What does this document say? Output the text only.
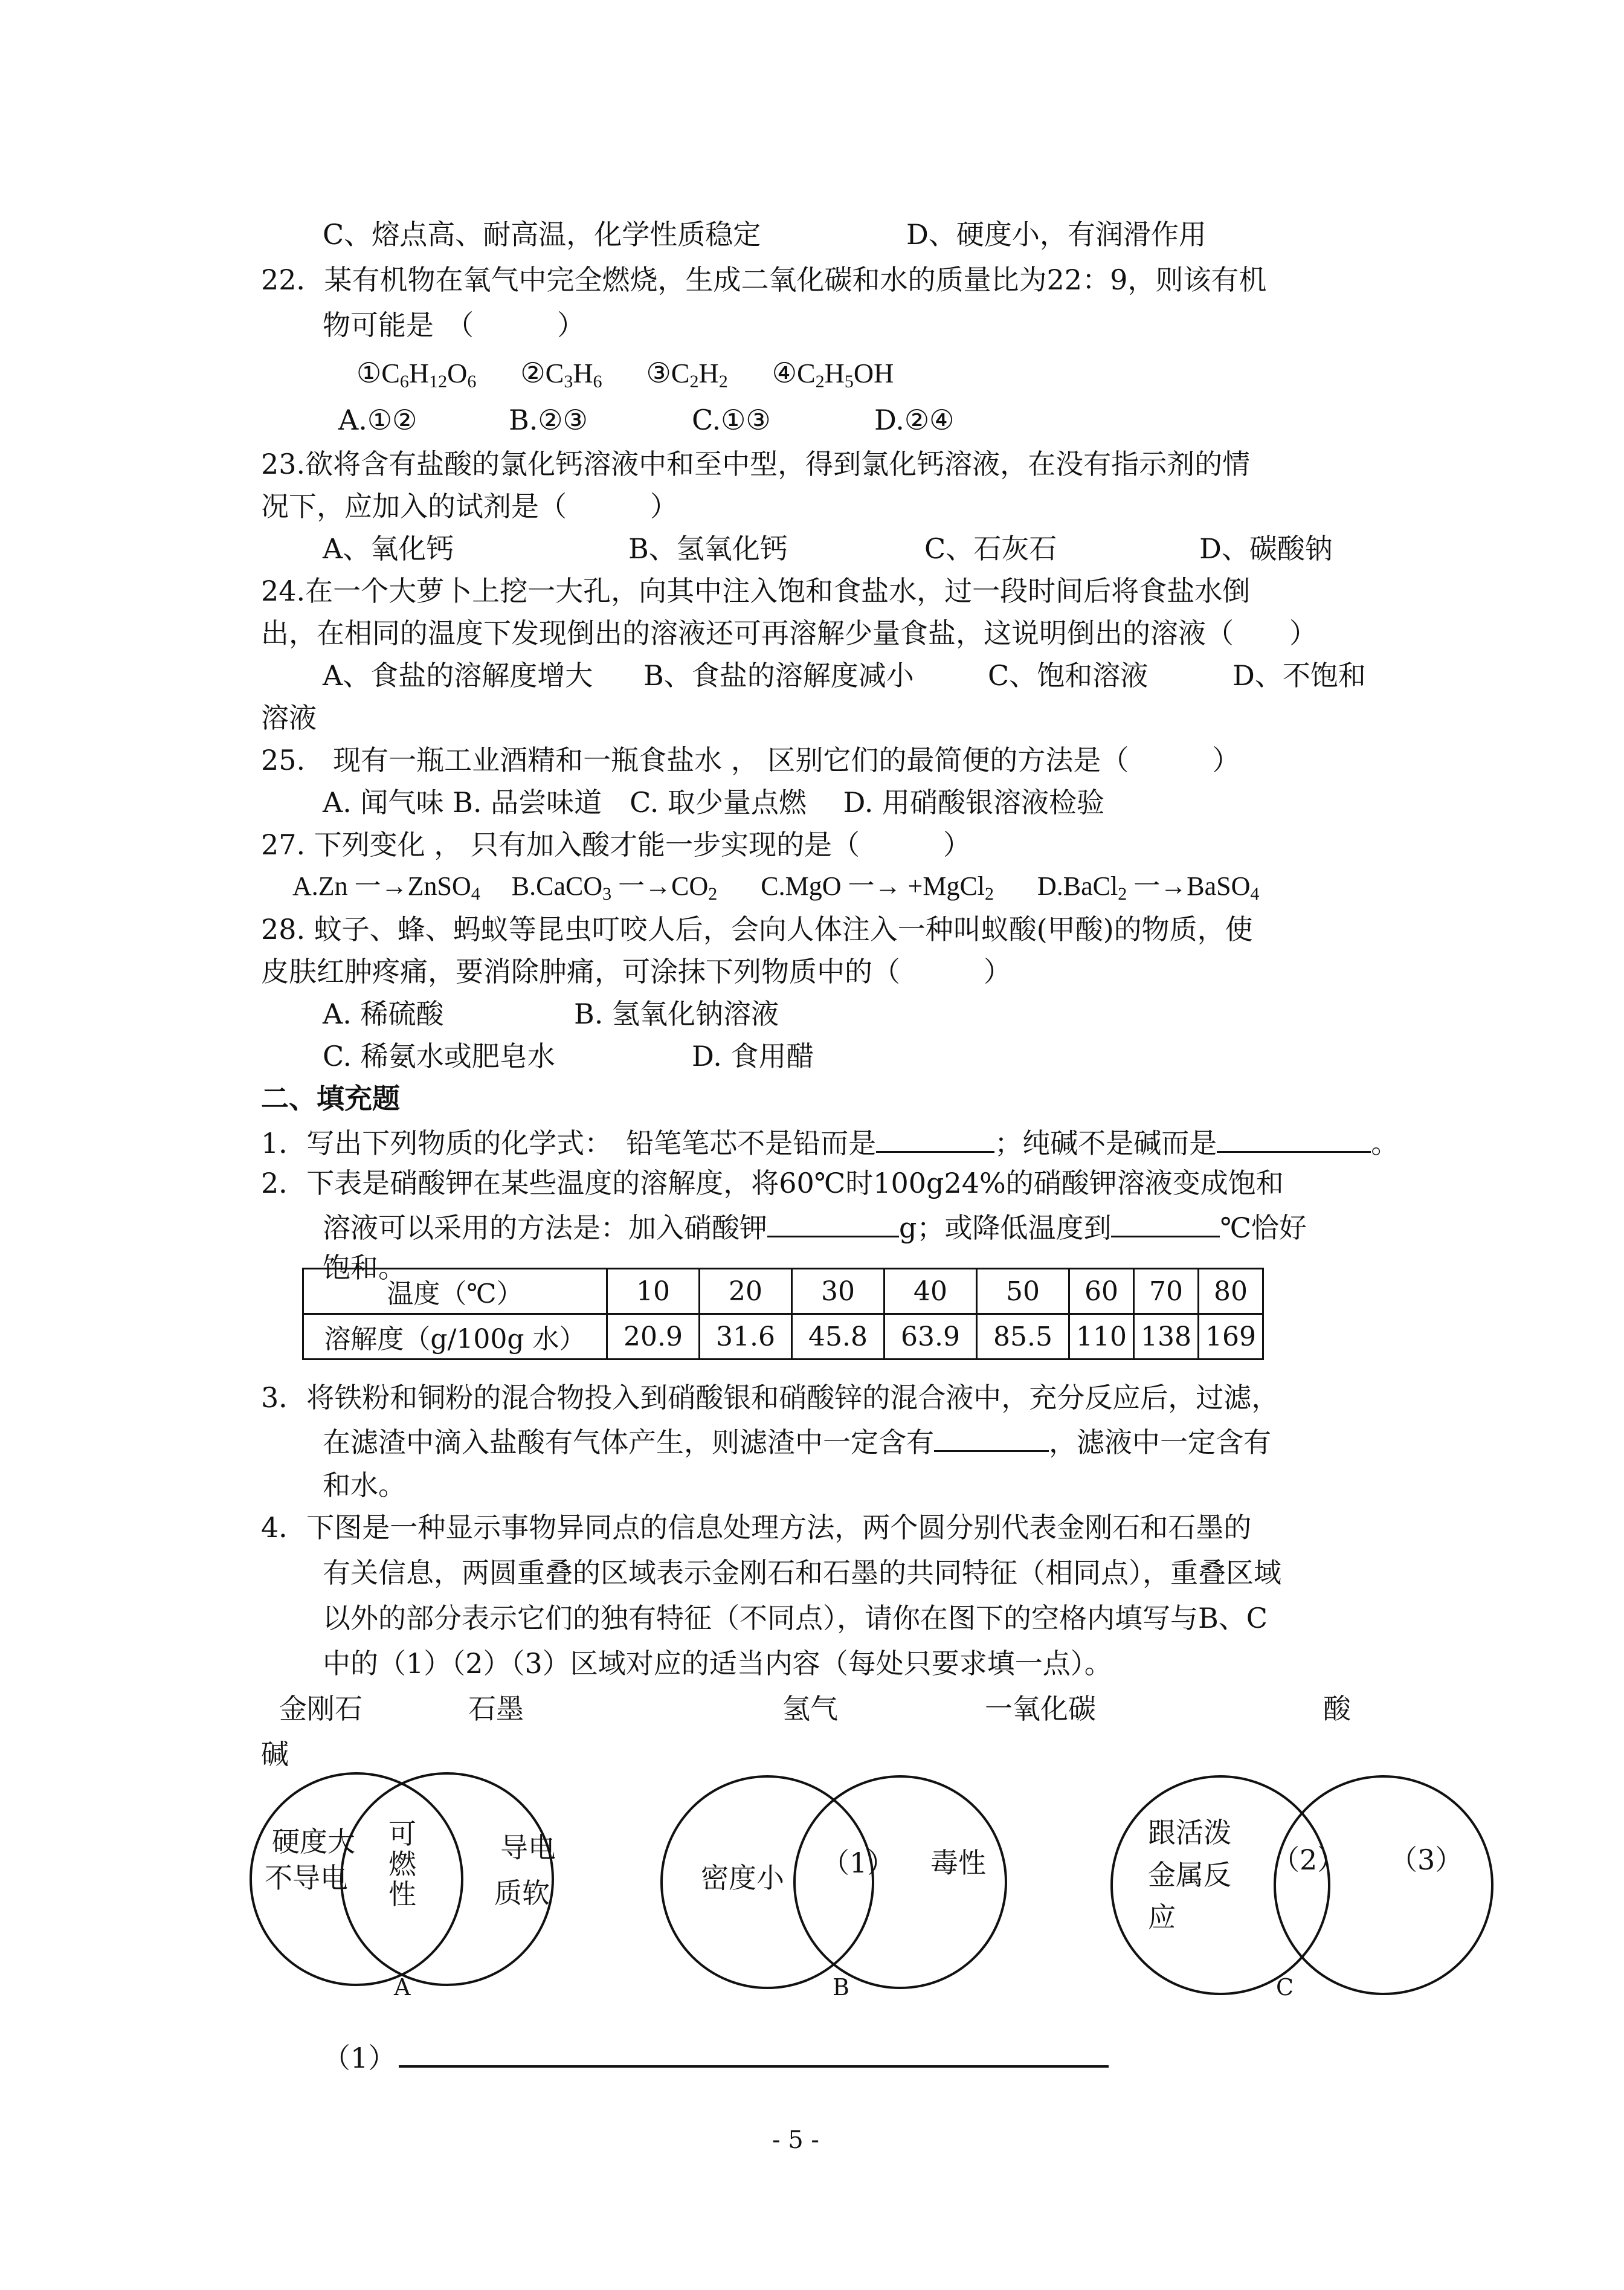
C、熔点高、耐高温，化学性质稳定	D、硬度小，有润滑作用
22．某有机物在氧气中完全燃烧，生成二氧化碳和水的质量比为22：9，则该有机
物可能是 （　　　）
$①C_6H_{12}O_6$ $②C_3H_6$ $③C_2H_2$ $④C_2H_5OH$
A.①②	B.②③	C.①③	D.②④
23.欲将含有盐酸的氯化钙溶液中和至中型，得到氯化钙溶液，在没有指示剂的情
况下，应加入的试剂是（　　　）
A、氧化钙	B、氢氧化钙	C、石灰石	D、碳酸钠
24.在一个大萝卜上挖一大孔，向其中注入饱和食盐水，过一段时间后将食盐水倒
出，在相同的温度下发现倒出的溶液还可再溶解少量食盐，这说明倒出的溶液（　　）
A、食盐的溶解度增大 B、食盐的溶解度减小	C、饱和溶液	D、不饱和
溶液
25.　现有一瓶工业酒精和一瓶食盐水 ， 区别它们的最简便的方法是（　　　）
A. 闻气味 B. 品尝味道　C. 取少量点燃　 D. 用硝酸银溶液检验
27. 下列变化 ， 只有加入酸才能一步实现的是（　　　）
A.Zn 一→ZnSO$_4$ B.CaCO$_3$ 一$\to CO_2$ C.MgO 一→ +MgCl$_2$ D.BaCl$_2$ 一→BaSO$_4$
28. 蚊子、蜂、蚂蚁等昆虫叮咬人后，会向人体注入一种叫蚁酸(甲酸)的物质，使
皮肤红肿疼痛，要消除肿痛，可涂抹下列物质中的（　　　）
A. 稀硫酸	B. 氢氧化钠溶液
C. 稀氨水或肥皂水	D. 食用醋
二、填充题
1．写出下列物质的化学式：　铅笔笔芯不是铅而是	；纯碱不是碱而是	。
2．下表是硝酸钾在某些温度的溶解度，将60℃时100g24%的硝酸钾溶液变成饱和
溶液可以采用的方法是：加入硝酸钾	g；或降低温度到	℃恰好
饱和。
温度（℃）	10	20	30	40	50	60	70	80
溶解度（g/100g 水）	20.9	31.6	45.8	63.9	85.5	110	138	169
3．将铁粉和铜粉的混合物投入到硝酸银和硝酸锌的混合液中，充分反应后，过滤，
在滤渣中滴入盐酸有气体产生，则滤渣中一定含有	，滤液中一定含有
和水。
4．下图是一种显示事物异同点的信息处理方法，两个圆分别代表金刚石和石墨的
有关信息，两圆重叠的区域表示金刚石和石墨的共同特征（相同点），重叠区域
以外的部分表示它们的独有特征（不同点），请你在图下的空格内填写与B、C
中的（1）（2）（3）区域对应的适当内容（每处只要求填一点）。
金刚石	石墨
硬度大
不导电
可燃性
导电
质软
A
氢气	一氧化碳
密度小 （1） 毒性
B
碱
酸
跟活泼
金属反
应
（2） （3）
C
（1）
- 5 -
